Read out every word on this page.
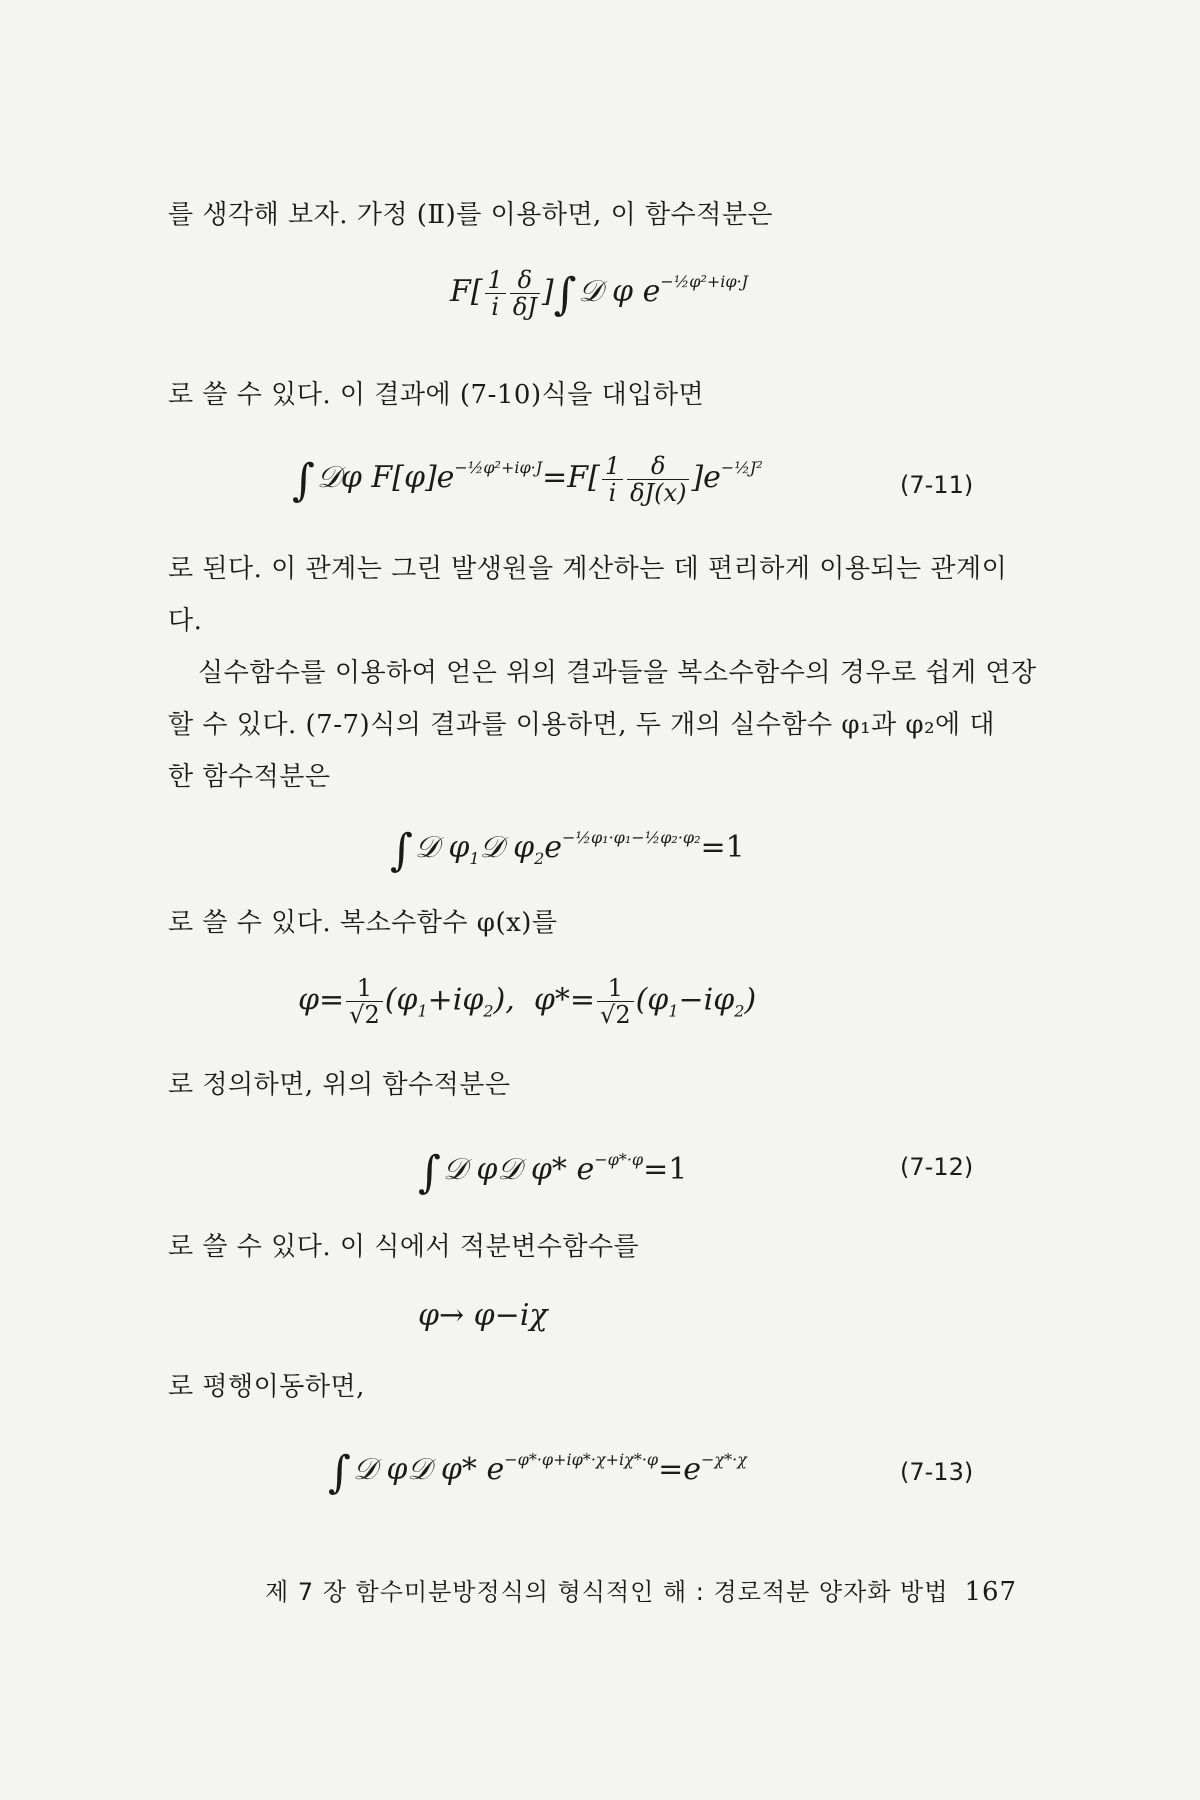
를 생각해 보자. 가정 (Ⅱ)를 이용하면, 이 함수적분은
$F[ \frac{1}{i} \frac{\delta}{\delta J}$ ]∫𝒟 φ $e^{-\frac{1}{2}\varphi^2+i\varphi\cdot J}$
로 쓸 수 있다. 이 결과에 (7-10)식을 대입하면
∫𝒟φ $F[\varphi]e^{-\frac{1}{2}\varphi^2+i\varphi\cdot J}=F[ \frac{1}{i} \frac{\delta}{\delta J(x)} ]e^{-\frac{1}{2}J^2}$
(7-11)
로 된다. 이 관계는 그린 발생원을 계산하는 데 편리하게 이용되는 관계이
다.
실수함수를 이용하여 얻은 위의 결과들을 복소수함수의 경우로 쉽게 연장
할 수 있다. (7-7)식의 결과를 이용하면, 두 개의 실수함수 φ₁과 φ₂에 대
한 함수적분은
∫𝒟 $\varphi_1𝒟$ $\varphi_2e^{-\frac{1}{2}\varphi_1\cdot\varphi_1-\frac{1}{2}\varphi_2\cdot\varphi_2}=1$
로 쓸 수 있다. 복소수함수 φ(x)를
$\varphi= \frac{1}{√2} (\varphi_1+i\varphi_2)$,  $\varphi*= \frac{1}{√2} (\varphi_1-i\varphi_2)$
로 정의하면, 위의 함수적분은
∫𝒟 φ𝒟 φ* $e^{-\varphi*\cdot\varphi}=1$	(7-12)
로 쓸 수 있다. 이 식에서 적분변수함수를
φ→ φ−iχ
로 평행이동하면,
∫𝒟 φ𝒟 φ* $e^{-\varphi*\cdot\varphi+i\varphi*\cdot\chi+i\chi*\cdot\varphi}=e^{-\chi*\cdot\chi}$	(7-13)
제 7 장 함수미분방정식의 형식적인 해 : 경로적분 양자화 방법 167
